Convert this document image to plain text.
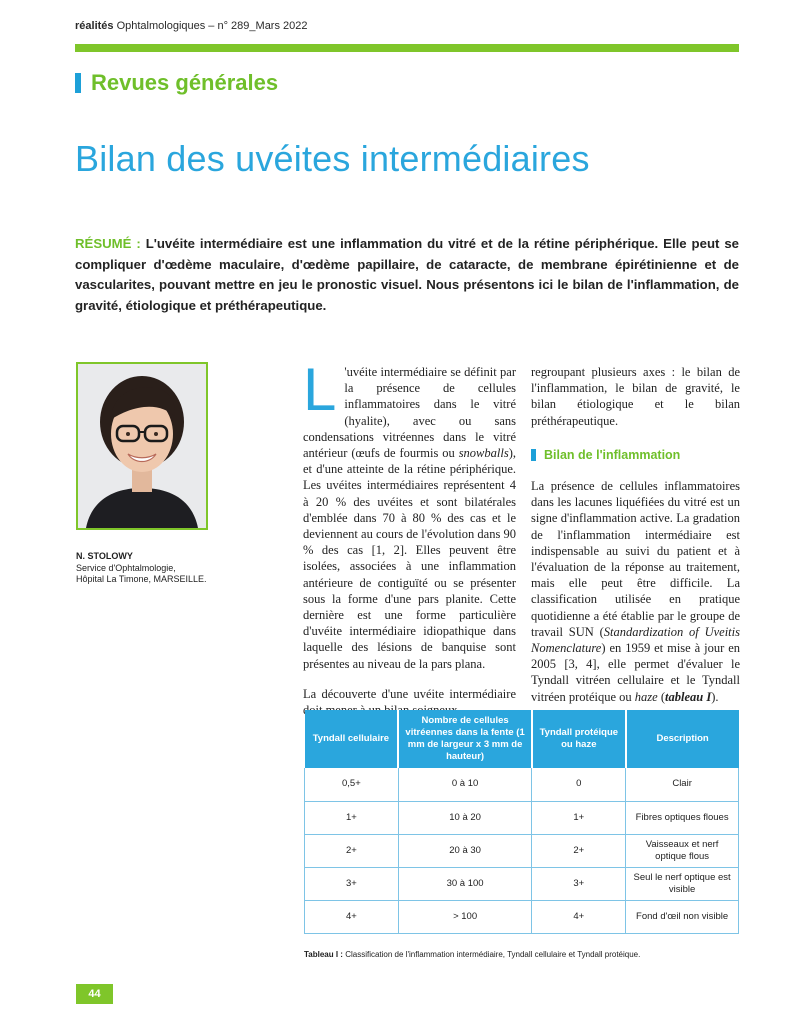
réalités Ophtalmologiques – n° 289_Mars 2022
Revues générales
Bilan des uvéites intermédiaires
RÉSUMÉ : L'uvéite intermédiaire est une inflammation du vitré et de la rétine périphérique. Elle peut se compliquer d'œdème maculaire, d'œdème papillaire, de cataracte, de membrane épirétinienne et de vascularites, pouvant mettre en jeu le pronostic visuel. Nous présentons ici le bilan de l'inflammation, de gravité, étiologique et préthérapeutique.
N. STOLOWY
Service d'Ophtalmologie,
Hôpital La Timone, MARSEILLE.

L 'uvéite intermédiaire se définit par la présence de cellules inflammatoires dans le vitré (hyalite), avec ou sans condensations vitréennes dans le vitré antérieur (œufs de fourmis ou snowballs), et d'une atteinte de la rétine périphérique. Les uvéites intermédiaires représentent 4 à 20 % des uvéites et sont bilatérales d'emblée dans 70 à 80 % des cas et le deviennent au cours de l'évolution dans 90 % des cas [1, 2]. Elles peuvent être isolées, associées à une inflammation antérieure de contiguïté ou se présenter sous la forme d'une pars planite. Cette dernière est une forme particulière d'uvéite intermédiaire idiopathique dans laquelle des lésions de banquise sont présentes au niveau de la pars plana.

La découverte d'une uvéite intermédiaire

regroupant plusieurs axes : le bilan de l'inflammation, le bilan de gravité, le bilan étiologique et le bilan préthérapeutique.

Bilan de l'inflammation

La présence de cellules inflammatoires dans les lacunes liquéfiées du vitré est un signe d'inflammation active. La gradation de l'inflammation intermédiaire est indispensable au suivi du patient et à l'évaluation de la réponse au traitement, mais elle peut être difficile. La classification utilisée en pratique quotidienne a été établie par le groupe de travail SUN (Standardization of Uveitis Nomenclature) en 1959 et mise à jour en 2005 [3, 4], elle permet d'évaluer le Tyndall vitréen cellulaire et le Tyndall vitréen protéique ou haze (tableau I).

Tyndall cellulaire	Nombre de cellules vitréennes dans la fente (1 mm de largeur x 3 mm de hauteur)	Tyndall protéique ou haze	Description
0,5+	0 à 10	0	Clair
1+	10 à 20	1+	Fibres optiques floues
2+	20 à 30	2+	Vaisseaux et nerf optique flous
3+	30 à 100	3+	Seul le nerf optique est visible
4+	> 100	4+	Fond d'œil non visible
Tableau I : Classification de l'inflammation intermédiaire, Tyndall cellulaire et Tyndall protéique.
44
